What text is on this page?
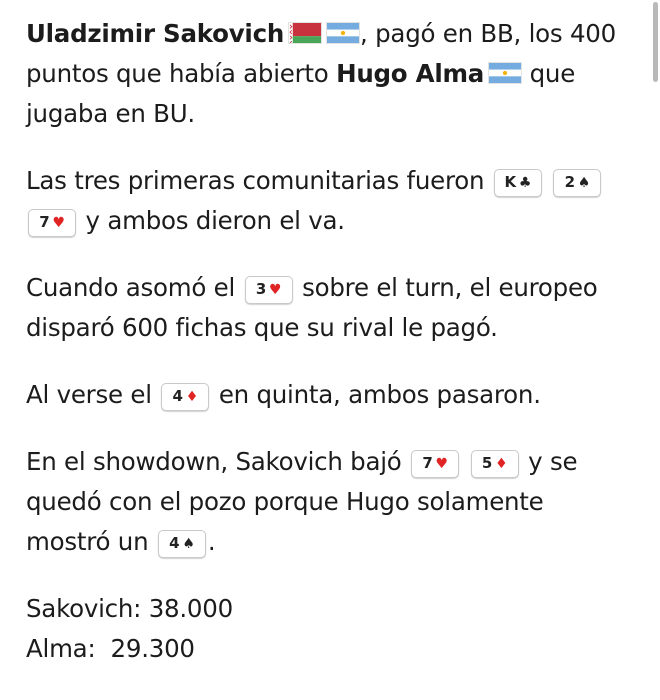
Uladzimir Sakovich	, pagó en BB, los 400 puntos que había abierto Hugo Alma que jugaba en BU.

Las tres primeras comunitarias fueron K ♣
2 ♠

7 ♥ y ambos dieron el va.

Cuando asomó el 3 ♥ sobre el turn, el europeo disparó 600 fichas que su rival le pagó.

Al verse el 4 ♦ en quinta, ambos pasaron.

En el showdown, Sakovich bajó 7 ♥
5 ♦ y se quedó con el pozo porque Hugo solamente mostró un 4 ♠ .

Sakovich: 38.000

Alma:  29.300
